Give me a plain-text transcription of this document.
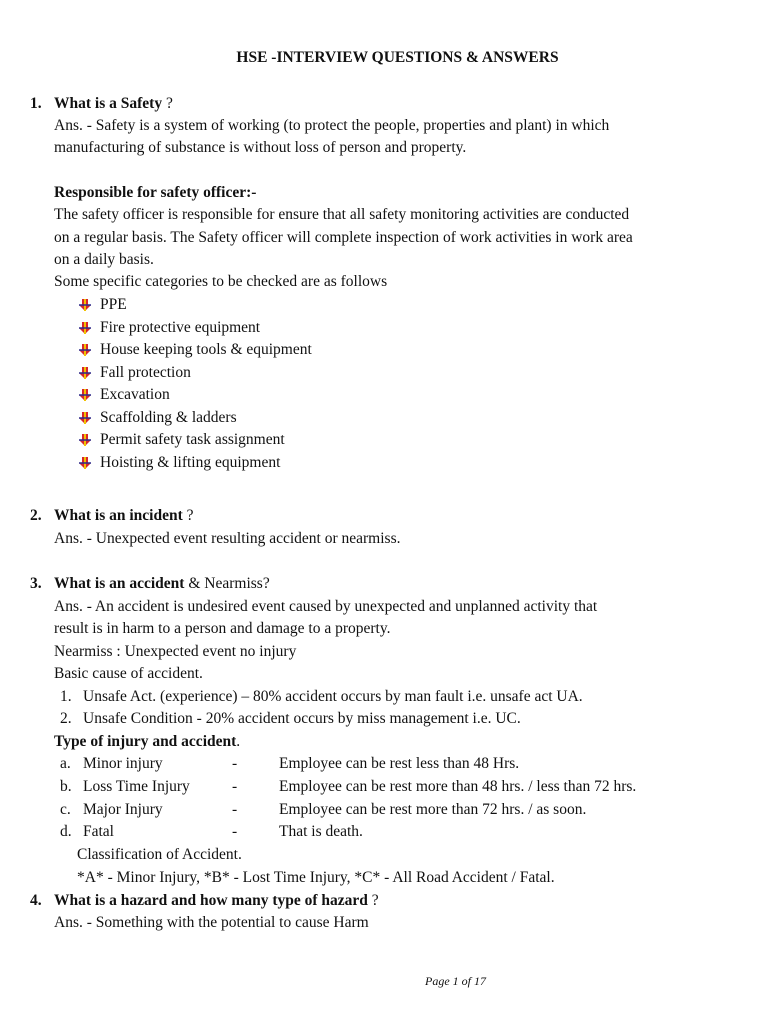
HSE -INTERVIEW QUESTIONS & ANSWERS
1. What is a Safety ?
Ans. - Safety is a system of working (to protect the people, properties and plant) in which
manufacturing of substance is without loss of person and property.
Responsible for safety officer:-
The safety officer is responsible for ensure that all safety monitoring activities are conducted
on a regular basis. The Safety officer will complete inspection of work activities in work area
on a daily basis.
Some specific categories to be checked are as follows
PPE
Fire protective equipment
House keeping tools & equipment
Fall protection
Excavation
Scaffolding & ladders
Permit safety task assignment
Hoisting & lifting equipment
2. What is an incident ?
Ans. - Unexpected event resulting accident or nearmiss.
3. What is an accident & Nearmiss?
Ans. - An accident is undesired event caused by unexpected and unplanned activity that
result is in harm to a person and damage to a property.
Nearmiss : Unexpected event no injury
Basic cause of accident.
1. Unsafe Act. (experience) – 80% accident occurs by man fault i.e. unsafe act UA.
2. Unsafe Condition - 20% accident occurs by miss management i.e. UC.
Type of injury and accident.
a. Minor injury	-	Employee can be rest less than 48 Hrs.
b. Loss Time Injury	-	Employee can be rest more than 48 hrs. / less than 72 hrs.
c. Major Injury	-	Employee can be rest more than 72 hrs. / as soon.
d. Fatal	-	That is death.
Classification of Accident.
*A* - Minor Injury, *B* - Lost Time Injury, *C* - All Road Accident / Fatal.
4. What is a hazard and how many type of hazard ?
Ans. - Something with the potential to cause Harm
Page 1 of 17
